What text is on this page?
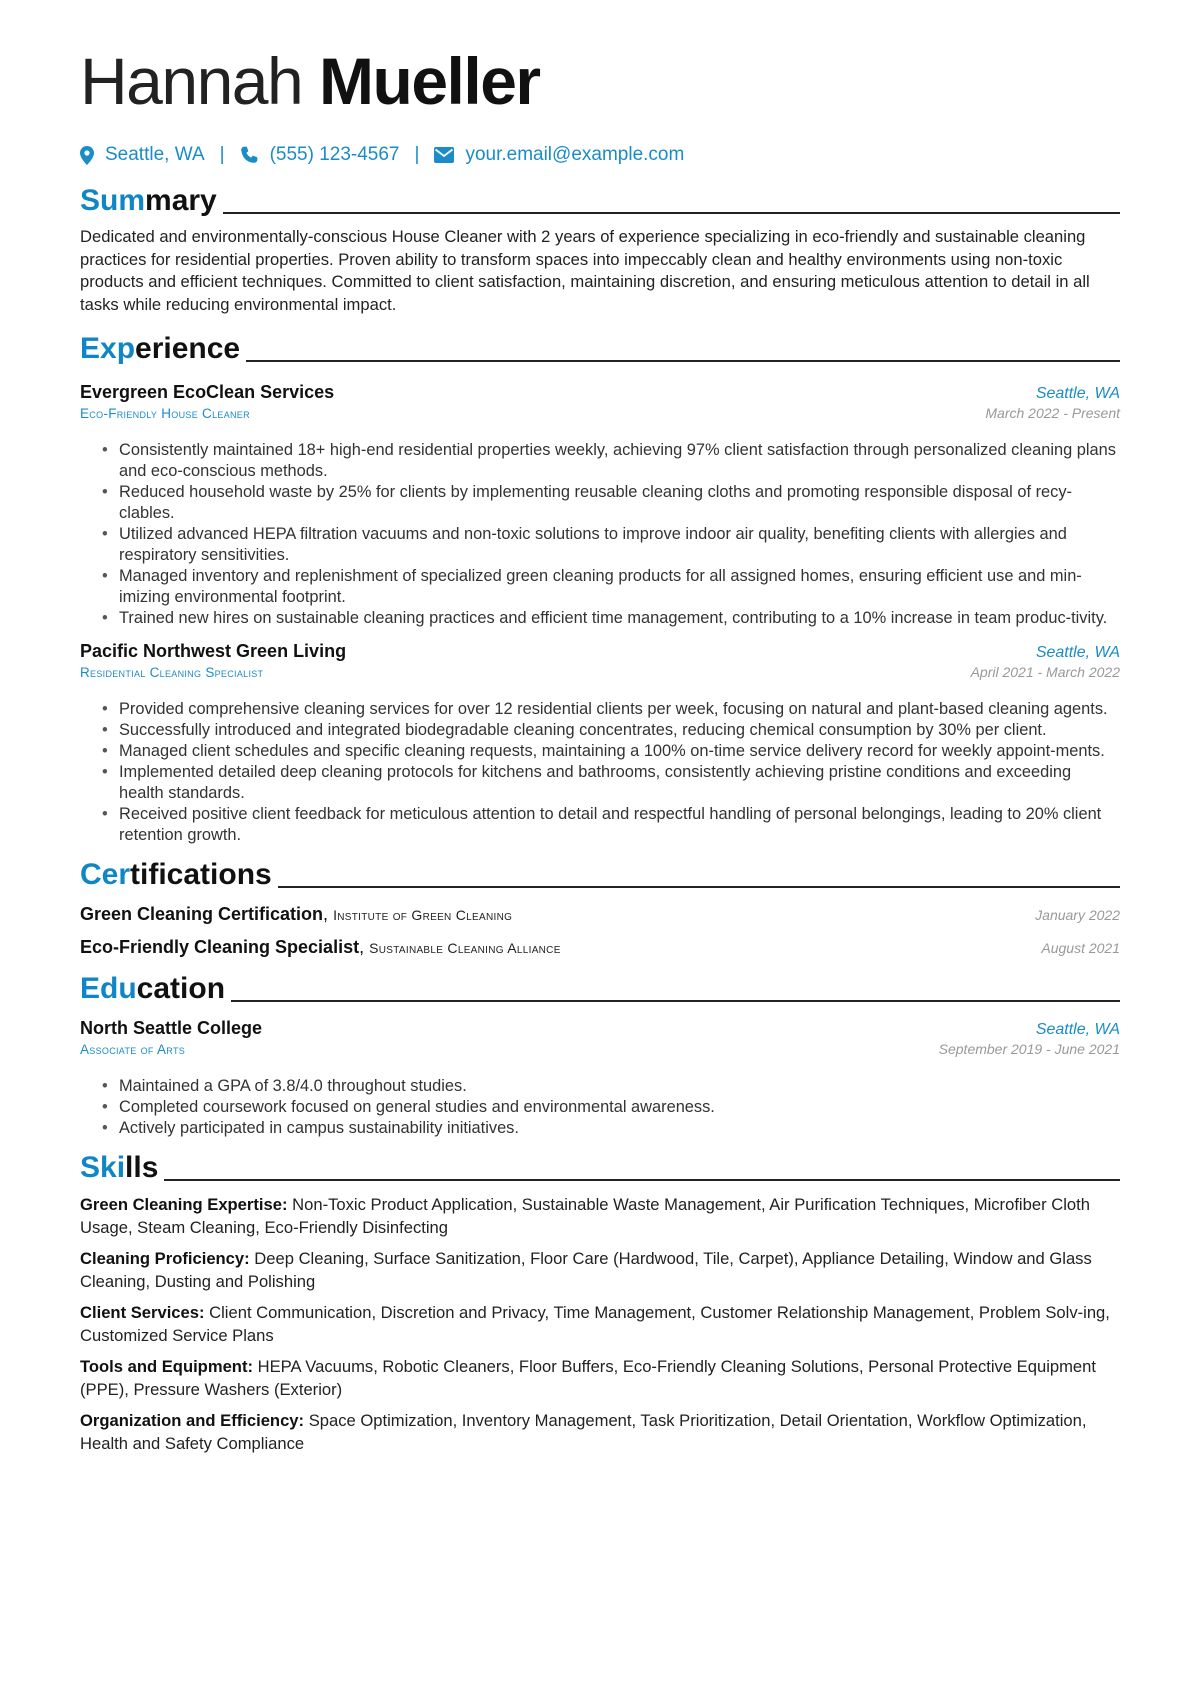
Hannah Mueller
Seattle, WA | (555) 123-4567 | your.email@example.com
Summary

Dedicated and environmentally-conscious House Cleaner with 2 years of experience specializing in eco-friendly and sustainable cleaning practices for residential properties. Proven ability to transform spaces into impeccably clean and healthy environments using non-toxic products and efficient techniques. Committed to client satisfaction, maintaining discretion, and ensuring meticulous attention to detail in all tasks while reducing environmental impact.

Experience
Evergreen EcoClean Services	Seattle, WA
Eco-Friendly House Cleaner	March 2022 - Present
• Consistently maintained 18+ high-end residential properties weekly, achieving 97% client satisfaction through personalized cleaning plans and eco-conscious methods.
• Reduced household waste by 25% for clients by implementing reusable cleaning cloths and promoting responsible disposal of recy-clables.
• Utilized advanced HEPA filtration vacuums and non-toxic solutions to improve indoor air quality, benefiting clients with allergies and respiratory sensitivities.
• Managed inventory and replenishment of specialized green cleaning products for all assigned homes, ensuring efficient use and min-imizing environmental footprint.
• Trained new hires on sustainable cleaning practices and efficient time management, contributing to a 10% increase in team produc-tivity.
Pacific Northwest Green Living	Seattle, WA
Residential Cleaning Specialist	April 2021 - March 2022
• Provided comprehensive cleaning services for over 12 residential clients per week, focusing on natural and plant-based cleaning agents.
• Successfully introduced and integrated biodegradable cleaning concentrates, reducing chemical consumption by 30% per client.
• Managed client schedules and specific cleaning requests, maintaining a 100% on-time service delivery record for weekly appoint-ments.
• Implemented detailed deep cleaning protocols for kitchens and bathrooms, consistently achieving pristine conditions and exceeding health standards.
• Received positive client feedback for meticulous attention to detail and respectful handling of personal belongings, leading to 20% client retention growth.
Certifications
Green Cleaning Certification, Institute of Green Cleaning	January 2022
Eco-Friendly Cleaning Specialist, Sustainable Cleaning Alliance	August 2021
Education
North Seattle College	Seattle, WA
Associate of Arts	September 2019 - June 2021
• Maintained a GPA of 3.8/4.0 throughout studies.
• Completed coursework focused on general studies and environmental awareness.
• Actively participated in campus sustainability initiatives.
Skills
Green Cleaning Expertise: Non-Toxic Product Application, Sustainable Waste Management, Air Purification Techniques, Microfiber Cloth Usage, Steam Cleaning, Eco-Friendly Disinfecting
Cleaning Proficiency: Deep Cleaning, Surface Sanitization, Floor Care (Hardwood, Tile, Carpet), Appliance Detailing, Window and Glass Cleaning, Dusting and Polishing
Client Services: Client Communication, Discretion and Privacy, Time Management, Customer Relationship Management, Problem Solv-ing, Customized Service Plans
Tools and Equipment: HEPA Vacuums, Robotic Cleaners, Floor Buffers, Eco-Friendly Cleaning Solutions, Personal Protective Equipment (PPE), Pressure Washers (Exterior)
Organization and Efficiency: Space Optimization, Inventory Management, Task Prioritization, Detail Orientation, Workflow Optimization, Health and Safety Compliance
